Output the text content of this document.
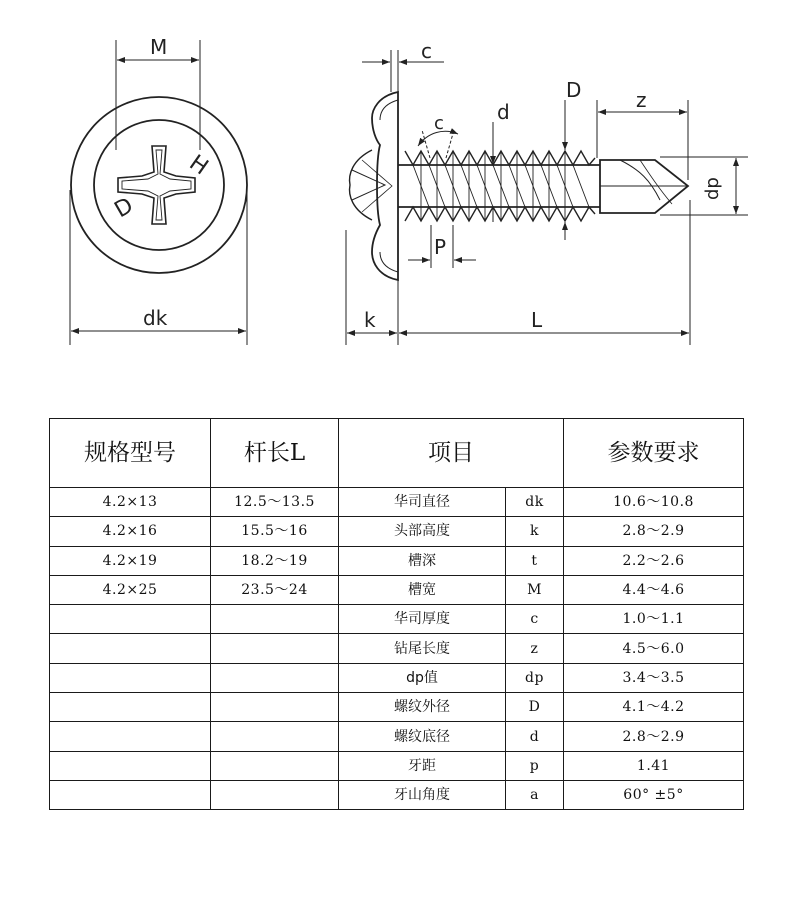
H
D
M
dk
c
c	d
D	z
dp
P
k	L
规格型号	杆长L	项目		参数要求
4.2×13	12.5～13.5	华司直径	dk	10.6～10.8
4.2×16	15.5～16	头部高度	k	2.8～2.9
4.2×19	18.2～19	槽深	t	2.2～2.6
4.2×25	23.5～24	槽宽	M	4.4～4.6
		华司厚度	c	1.0～1.1
		钻尾长度	z	4.5～6.0
		dp值	dp	3.4～3.5
		螺纹外径	D	4.1～4.2
		螺纹底径	d	2.8～2.9
		牙距	p	1.41
		牙山角度	a	60° ±5°
